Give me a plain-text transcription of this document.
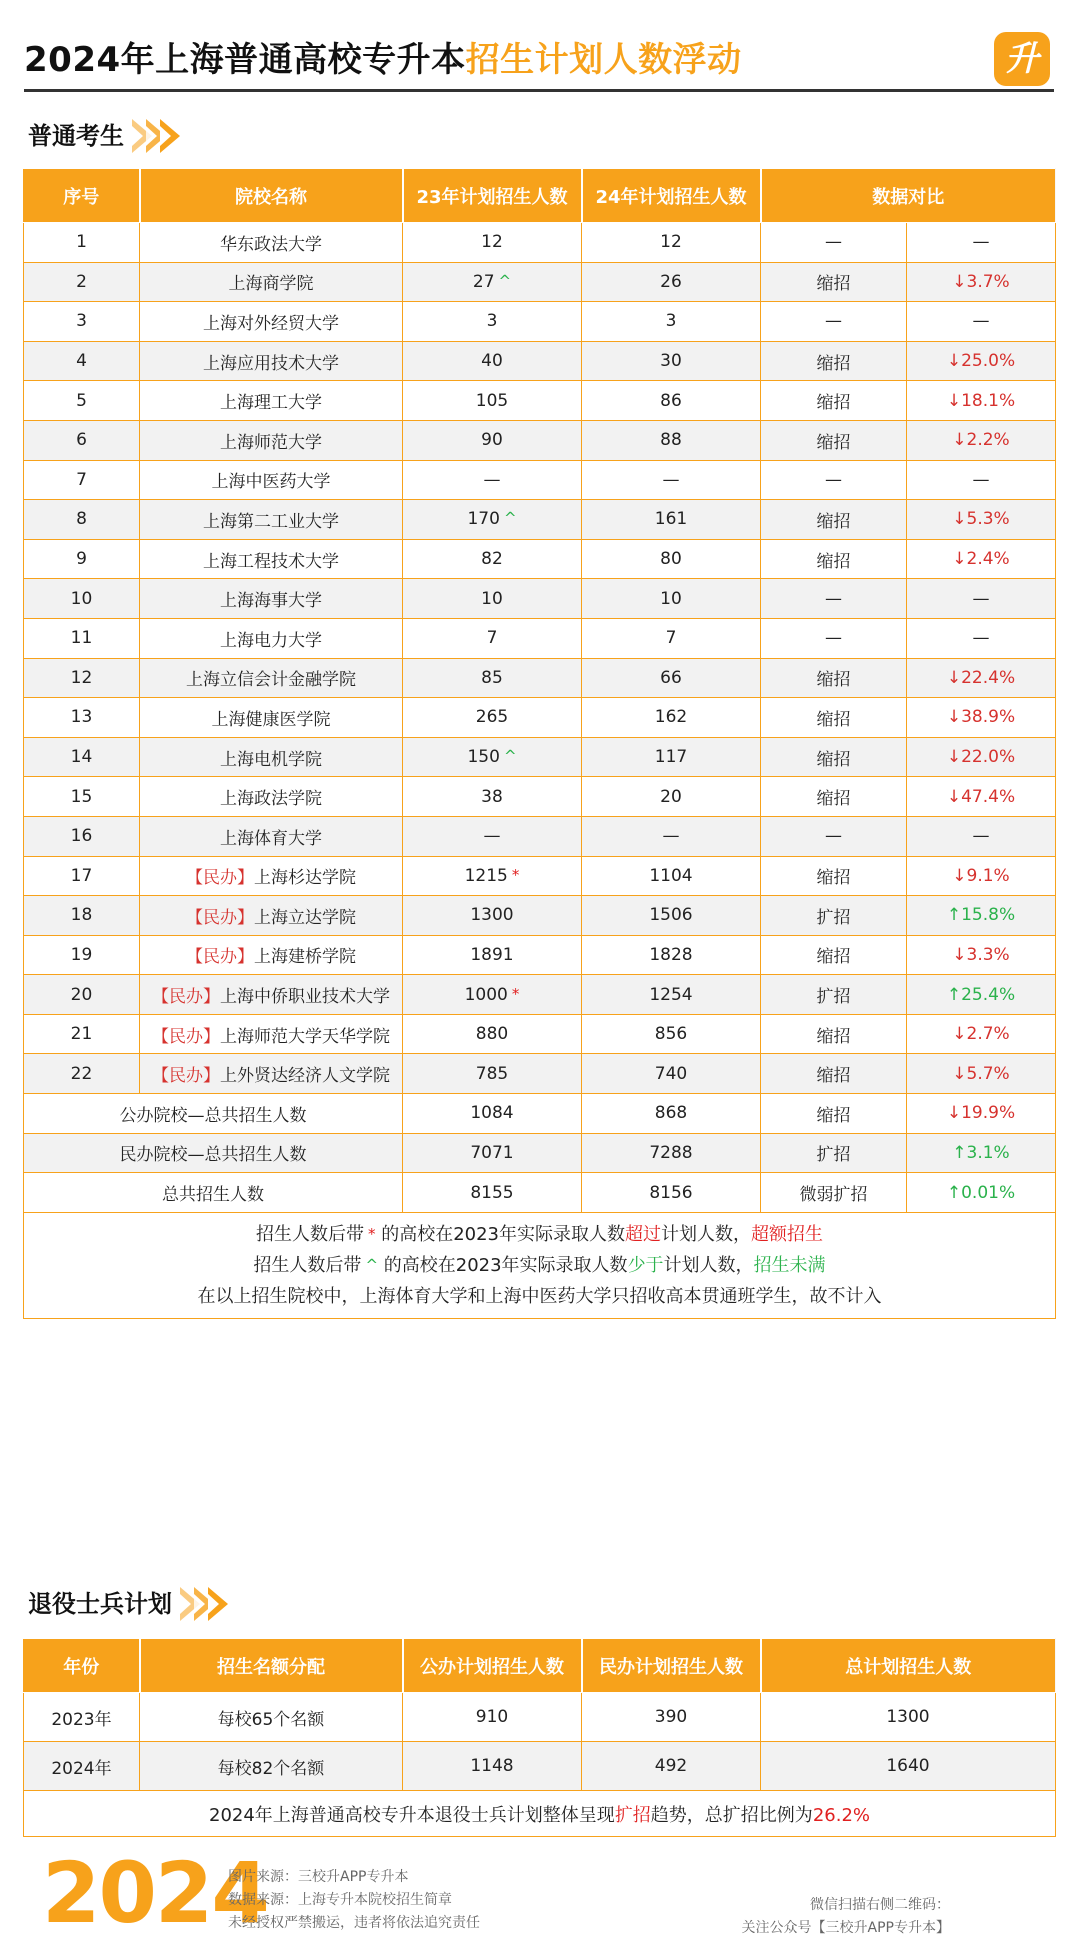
2024年上海普通高校专升本招生计划人数浮动	升
普通考生
序号	院校名称	23年计划招生人数	24年计划招生人数	数据对比	
1	华东政法大学	12	12	—	—
2	上海商学院	27 ^	26	缩招	↓3.7%
3	上海对外经贸大学	3	3	—	—
4	上海应用技术大学	40	30	缩招	↓25.0%
5	上海理工大学	105	86	缩招	↓18.1%
6	上海师范大学	90	88	缩招	↓2.2%
7	上海中医药大学	—	—	—	—
8	上海第二工业大学	170 ^	161	缩招	↓5.3%
9	上海工程技术大学	82	80	缩招	↓2.4%
10	上海海事大学	10	10	—	—
11	上海电力大学	7	7	—	—
12	上海立信会计金融学院	85	66	缩招	↓22.4%
13	上海健康医学院	265	162	缩招	↓38.9%
14	上海电机学院	150 ^	117	缩招	↓22.0%
15	上海政法学院	38	20	缩招	↓47.4%
16	上海体育大学	—	—	—	—
17	【民办】上海杉达学院	1215 *	1104	缩招	↓9.1%
18	【民办】上海立达学院	1300	1506	扩招	↑15.8%
19	【民办】上海建桥学院	1891	1828	缩招	↓3.3%
20	【民办】上海中侨职业技术大学	1000 *	1254	扩招	↑25.4%
21	【民办】上海师范大学天华学院	880	856	缩招	↓2.7%
22	【民办】上外贤达经济人文学院	785	740	缩招	↓5.7%
公办院校—总共招生人数		1084	868	缩招	↓19.9%
民办院校—总共招生人数		7071	7288	扩招	↑3.1%
总共招生人数		8155	8156	微弱扩招	↑0.01%

招生人数后带 * 的高校在2023年实际录取人数超过计划人数，超额招生

招生人数后带 ^ 的高校在2023年实际录取人数少于计划人数，招生未满

在以上招生院校中，上海体育大学和上海中医药大学只招收高本贯通班学生，故不计入					

退役士兵计划
年份	招生名额分配	公办计划招生人数	民办计划招生人数	总计划招生人数
2023年	每校65个名额	910	390	1300
2024年	每校82个名额	1148	492	1640
2024年上海普通高校专升本退役士兵计划整体呈现扩招趋势，总扩招比例为26.2%				
2024
图片来源：三校升APP专升本
数据来源：上海专升本院校招生简章
未经授权严禁搬运，违者将依法追究责任
微信扫描右侧二维码：
关注公众号【三校升APP专升本】
